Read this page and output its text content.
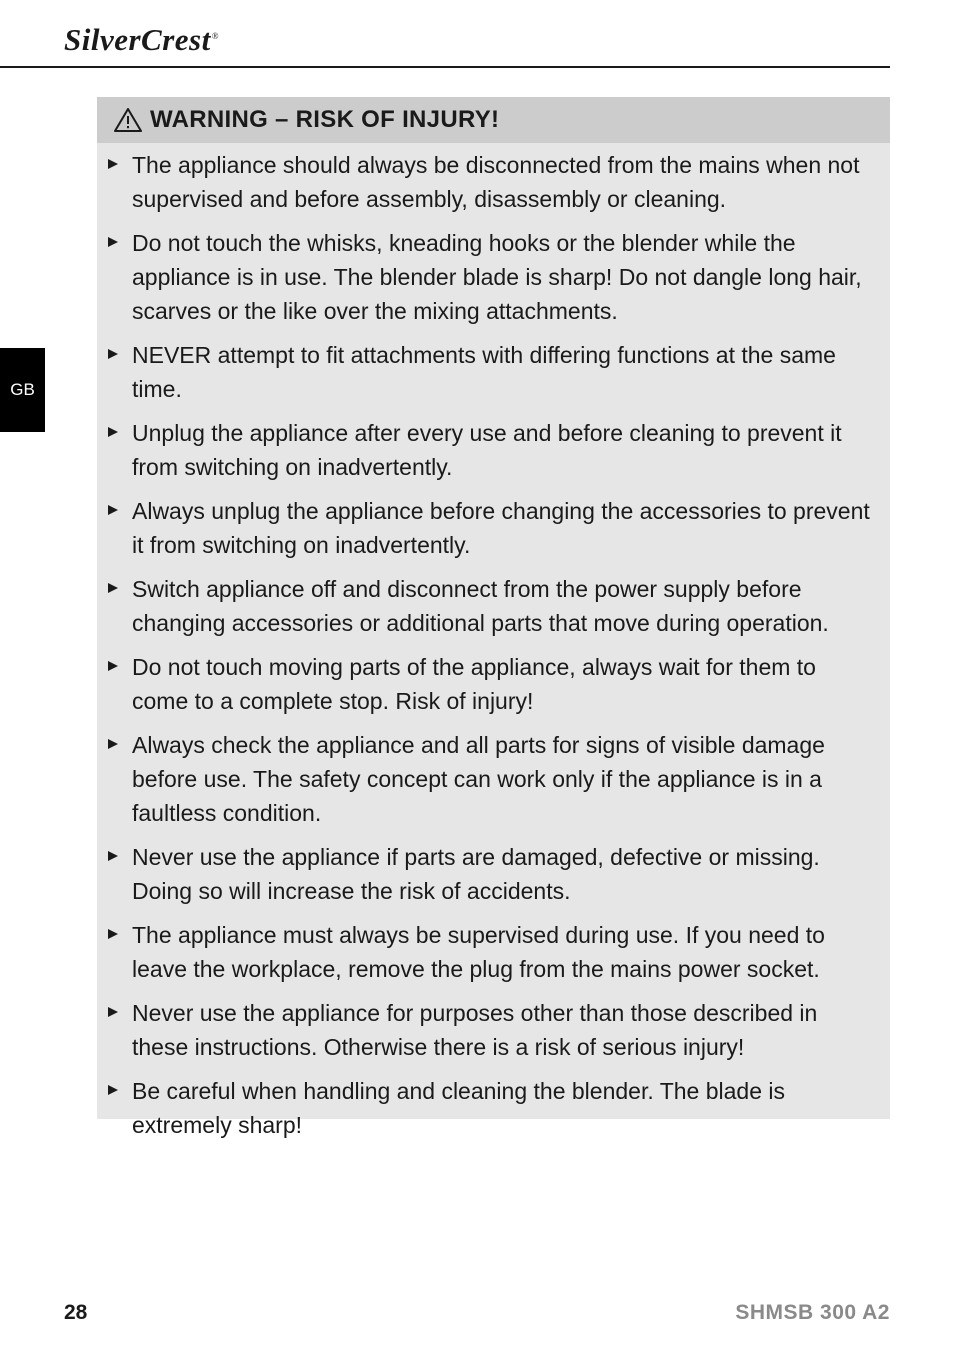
SilverCrest®
GB
WARNING – RISK OF INJURY!
The appliance should always be disconnected from the mains when not supervised and before assembly, disassembly or cleaning.
Do not touch the whisks, kneading hooks or the blender while the appliance is in use. The blender blade is sharp! Do not dangle long hair, scarves or the like over the mixing attachments.
NEVER attempt to fit attachments with differing functions at the same time.
Unplug the appliance after every use and before cleaning to prevent it from switching on inadvertently.
Always unplug the appliance before changing the accessories to prevent it from switching on inadvertently.
Switch appliance off and disconnect from the power supply before changing accessories or additional parts that move during operation.
Do not touch moving parts of the appliance, always wait for them to come to a complete stop. Risk of injury!
Always check the appliance and all parts for signs of visible damage before use. The safety concept can work only if the appliance is in a faultless condition.
Never use the appliance if parts are damaged, defective or missing. Doing so will increase the risk of accidents.
The appliance must always be supervised during use. If you need to leave the workplace, remove the plug from the mains power socket.
Never use the appliance for purposes other than those described in these instructions. Otherwise there is a risk of serious injury!
Be careful when handling and cleaning the blender. The blade is extremely sharp!
28	SHMSB 300 A2
